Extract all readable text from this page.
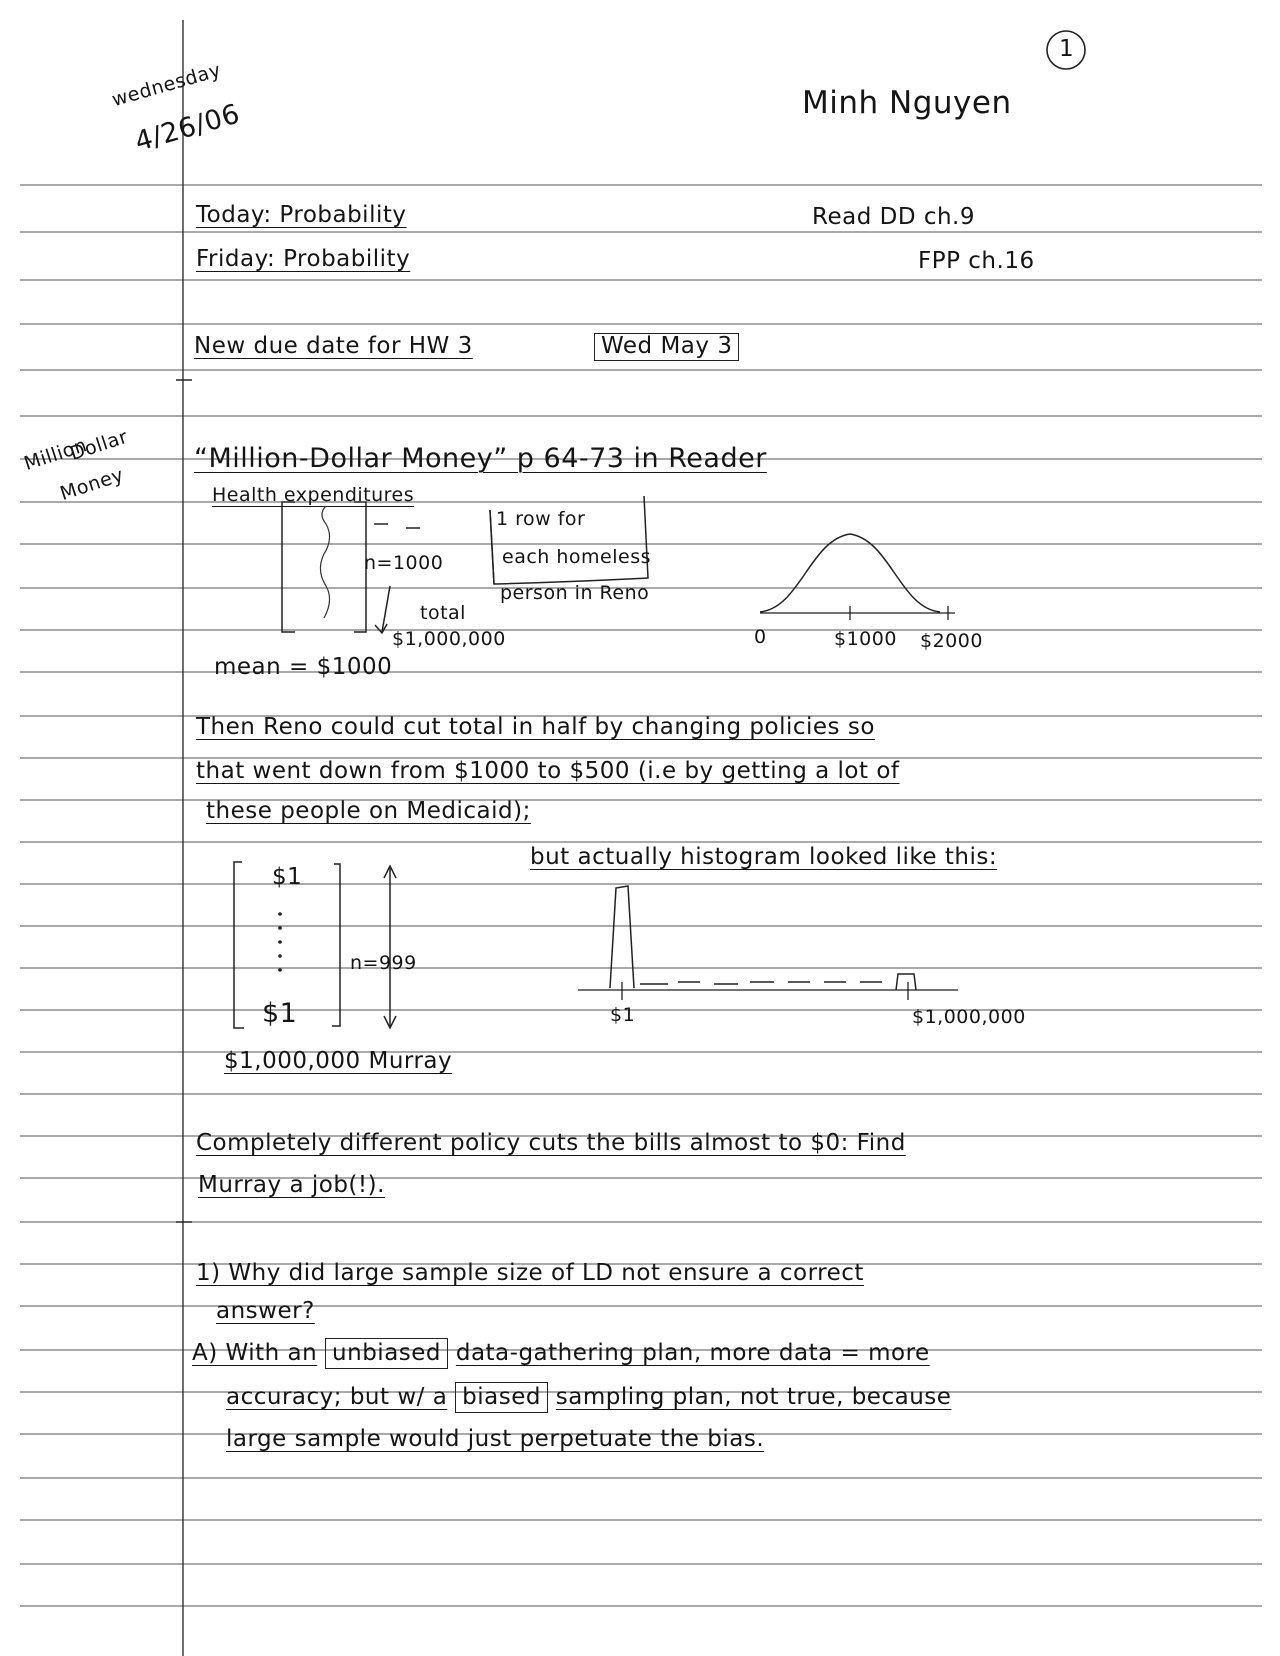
1
Minh Nguyen
wednesday
4/26/06
Million
Dollar
Money
Today: Probability
Friday: Probability
Read DD ch.9
FPP ch.16
New due date for HW 3	Wed May 3
“Million-Dollar Money” p 64-73 in Reader
Health expenditures
n=1000
1 row for
each homeless
person in Reno
total
$1,000,000
mean = $1000
0	$1000 $2000
Then Reno could cut total in half by changing policies so
that went down from $1000 to $500 (i.e by getting a lot of
these people on Medicaid);
but actually histogram looked like this:
$1
$1
n=999
$1,000,000 Murray
$1	$1,000,000
Completely different policy cuts the bills almost to $0: Find
Murray a job(!).
1) Why did large sample size of LD not ensure a correct
answer?
A) With an unbiased data-gathering plan, more data = more
accuracy; but w/ a biased sampling plan, not true, because
large sample would just perpetuate the bias.
